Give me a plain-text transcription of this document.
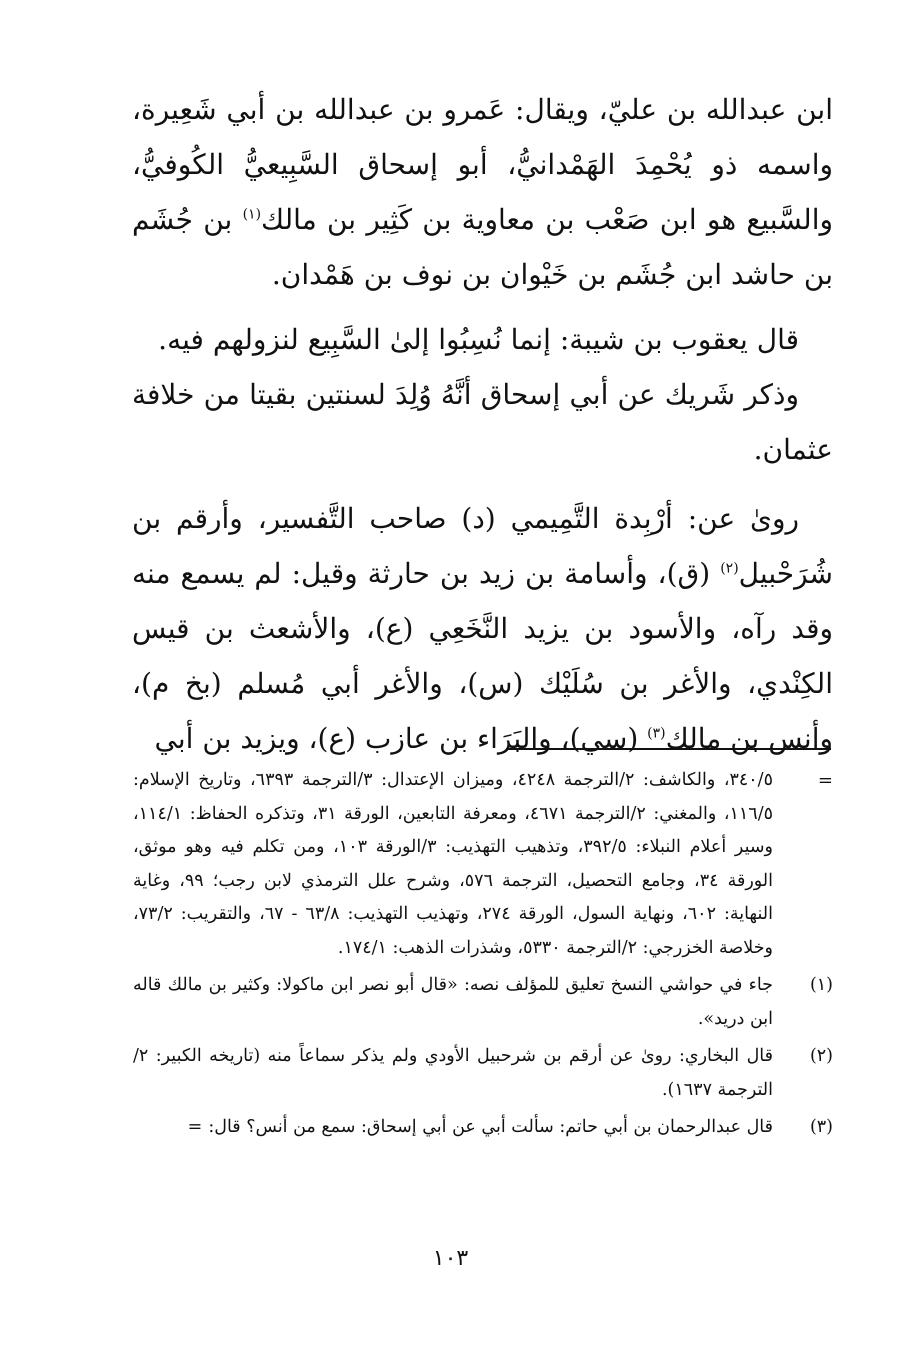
ابن عبدالله بن عليّ، ويقال: عَمرو بن عبدالله بن أبي شَعِيرة، واسمه ذو يُحْمِدَ الهَمْدانيُّ، أبو إسحاق السَّبِيعيُّ الكُوفيُّ، والسَّبيع هو ابن صَعْب بن معاوية بن كَثِير بن مالك$^{(١)}$ بن جُشَم بن حاشد ابن جُشَم بن خَيْوان بن نوف بن هَمْدان.

قال يعقوب بن شيبة: إنما نُسِبُوا إلىٰ السَّبِيع لنزولهم فيه.

وذكر شَريك عن أبي إسحاق أنَّهُ وُلِدَ لسنتين بقيتا من خلافة عثمان.

روىٰ عن: أرْبِدة التَّمِيمي (د) صاحب التَّفسير، وأرقم بن شُرَحْبيل$^{(٢)}$ (ق)، وأسامة بن زيد بن حارثة وقيل: لم يسمع منه وقد رآه، والأسود بن يزيد النَّخَعِي (ع)، والأشعث بن قيس الكِنْدي، والأغر بن سُلَيْك (س)، والأغر أبي مُسلم (بخ م)، وأنس بن مالك$^{(٣)}$ (سي)، والبَرَاء بن عازب (ع)، ويزيد بن أبي

=
٣٤٠/٥، والكاشف: ٢/الترجمة ٤٢٤٨، وميزان الإعتدال: ٣/الترجمة ٦٣٩٣، وتاريخ الإسلام: ١١٦/٥، والمغني: ٢/الترجمة ٤٦٧١، ومعرفة التابعين، الورقة ٣١، وتذكره الحفاظ: ١١٤/١، وسير أعلام النبلاء: ٣٩٢/٥، وتذهيب التهذيب: ٣/الورقة ١٠٣، ومن تكلم فيه وهو موثق، الورقة ٣٤، وجامع التحصيل، الترجمة ٥٧٦، وشرح علل الترمذي لابن رجب؛ ٩٩، وغاية النهاية: ٦٠٢، ونهاية السول، الورقة ٢٧٤، وتهذيب التهذيب: ٦٣/٨ - ٦٧، والتقريب: ٧٣/٢، وخلاصة الخزرجي: ٢/الترجمة ٥٣٣٠، وشذرات الذهب: ١٧٤/١.
(١)
جاء في حواشي النسخ تعليق للمؤلف نصه: «قال أبو نصر ابن ماكولا: وكثير بن مالك قاله ابن دريد».
(٢)
قال البخاري: روىٰ عن أرقم بن شرحبيل الأودي ولم يذكر سماعاً منه (تاريخه الكبير: ٢/الترجمة ١٦٣٧).
(٣)
قال عبدالرحمان بن أبي حاتم: سألت أبي عن أبي إسحاق: سمع من أنس؟ قال:=
١٠٣
